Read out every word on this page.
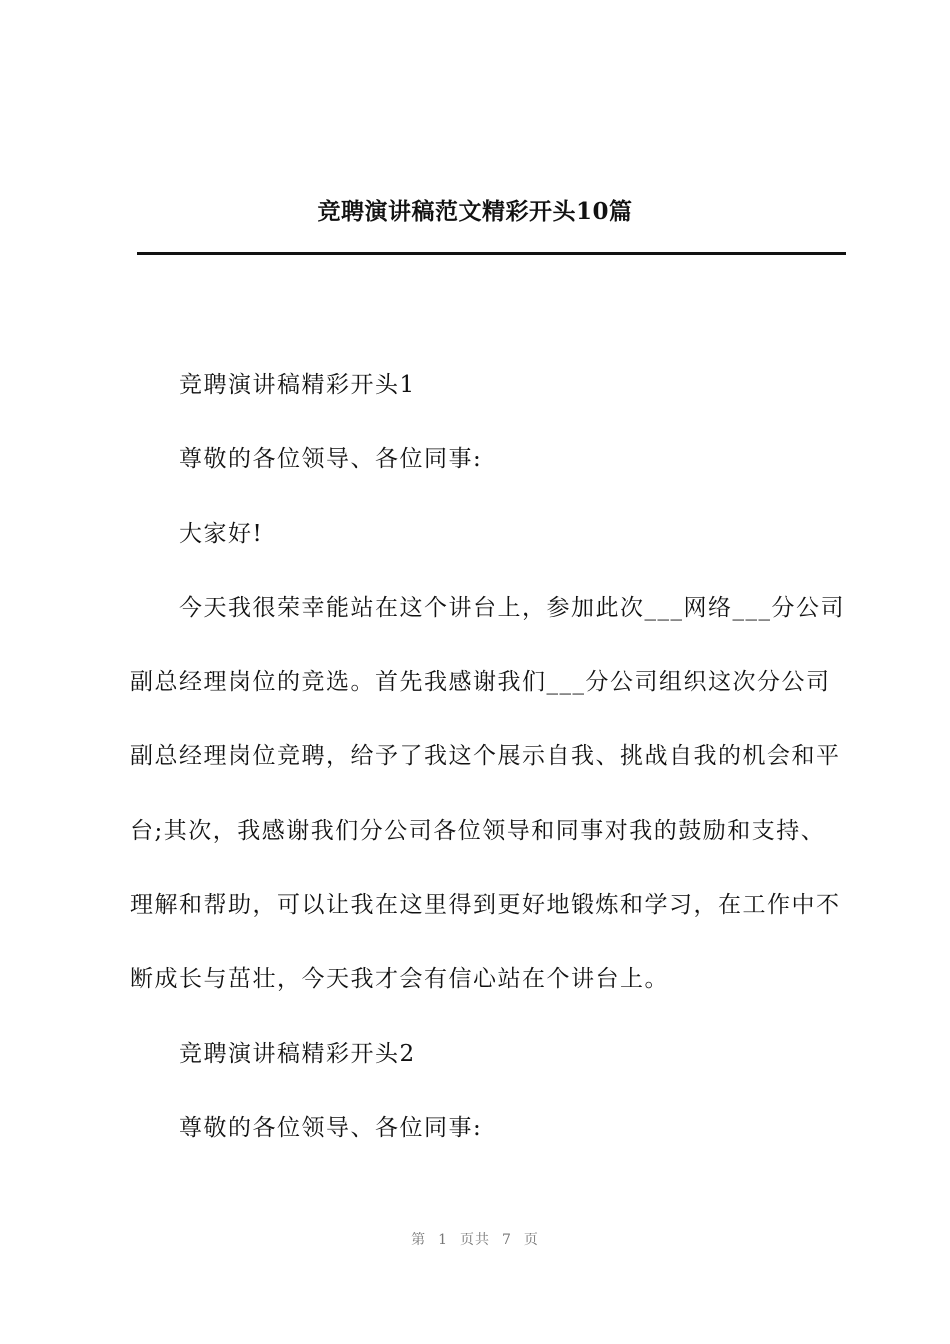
竞聘演讲稿范文精彩开头10篇

竞聘演讲稿精彩开头1

尊敬的各位领导、各位同事:

大家好!

今天我很荣幸能站在这个讲台上，参加此次___网络___分公司副总经理岗位的竞选。首先我感谢我们___分公司组织这次分公司副总经理岗位竞聘，给予了我这个展示自我、挑战自我的机会和平台;其次，我感谢我们分公司各位领导和同事对我的鼓励和支持、理解和帮助，可以让我在这里得到更好地锻炼和学习，在工作中不断成长与茁壮，今天我才会有信心站在个讲台上。

竞聘演讲稿精彩开头2

尊敬的各位领导、各位同事:

第 1 页共 7 页
